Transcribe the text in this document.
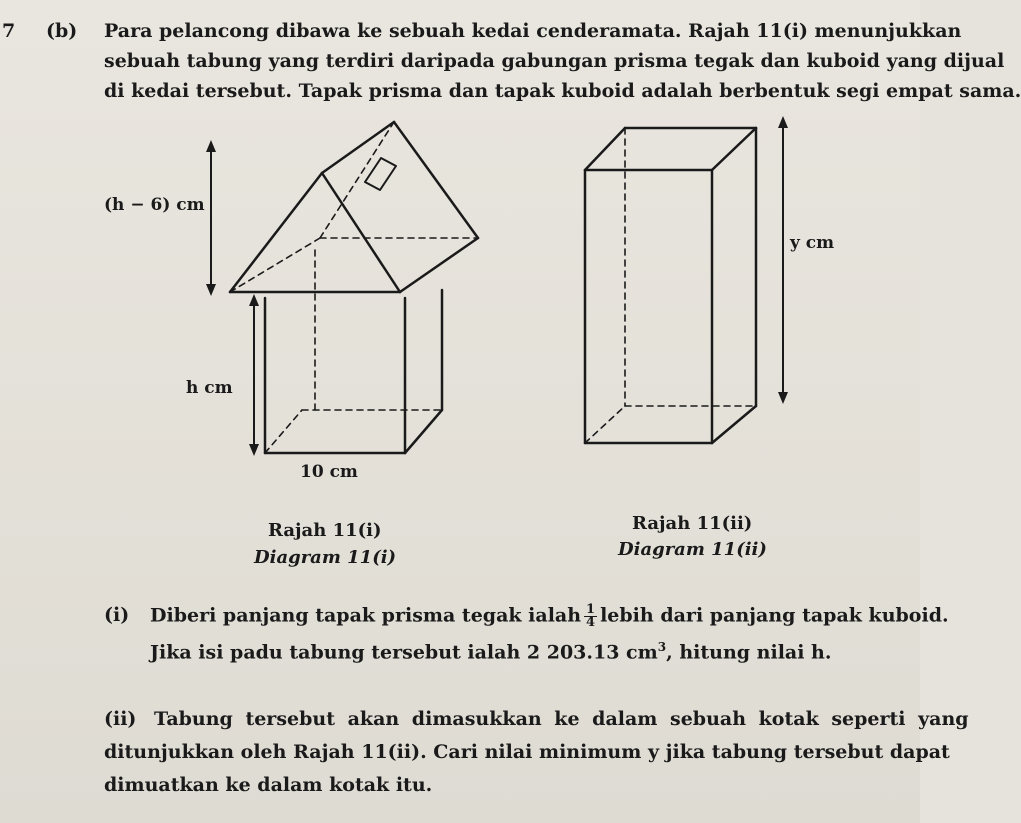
7 (b) Para pelancong dibawa ke sebuah kedai cenderamata. Rajah 11(i) menunjukkan
sebuah tabung yang terdiri daripada gabungan prisma tegak dan kuboid yang dijual
di kedai tersebut. Tapak prisma dan tapak kuboid adalah berbentuk segi empat sama.
(h − 6) cm
h cm
10 cm
y cm
Rajah 11(i)
Diagram 11(i)
Rajah 11(ii)
Diagram 11(ii)
(i) Diberi panjang tapak prisma tegak ialah $\frac{1}{4}$ lebih dari panjang tapak kuboid.
Jika isi padu tabung tersebut ialah 2 203.13 $cm^3$, hitung nilai h.
(ii) Tabung tersebut akan dimasukkan ke dalam sebuah kotak seperti yang
ditunjukkan oleh Rajah 11(ii). Cari nilai minimum y jika tabung tersebut dapat
dimuatkan ke dalam kotak itu.
